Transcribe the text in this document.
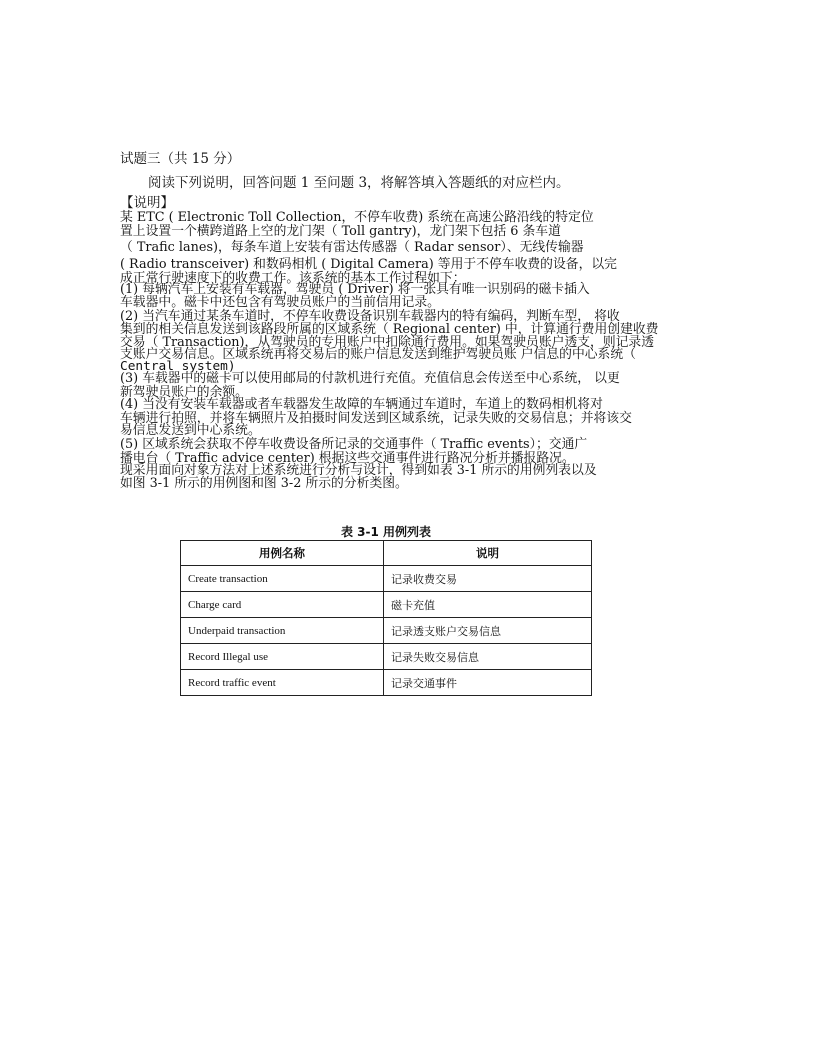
试题三（共 15 分）
阅读下列说明，回答问题 1 至问题 3，将解答填入答题纸的对应栏内。
【说明】
某 ETC ( Electronic Toll Collection，不停车收费) 系统在高速公路沿线的特定位
置上设置一个横跨道路上空的龙门架（ Toll gantry)，龙门架下包括 6 条车道
（ Trafic lanes)，每条车道上安装有雷达传感器（ Radar sensor）、无线传输器
( Radio transceiver) 和数码相机 ( Digital Camera) 等用于不停车收费的设备，以完
成正常行驶速度下的收费工作。该系统的基本工作过程如下：
(1) 每辆汽车上安装有车载器，驾驶员 ( Driver) 将一张具有唯一识别码的磁卡插入
车载器中。磁卡中还包含有驾驶员账户的当前信用记录。
(2) 当汽车通过某条车道时，不停车收费设备识别车载器内的特有编码，判断车型， 将收
集到的相关信息发送到该路段所属的区域系统（ Regional center) 中，计算通行费用创建收费
交易（ Transaction)，从驾驶员的专用账户中扣除通行费用。如果驾驶员账户透支，则记录透
支账户交易信息。区域系统再将交易后的账户信息发送到维护驾驶员账 户信息的中心系统（
Central system)
(3) 车载器中的磁卡可以使用邮局的付款机进行充值。充值信息会传送至中心系统， 以更
新驾驶员账户的余额。
(4) 当没有安装车载器或者车载器发生故障的车辆通过车道时，车道上的数码相机将对
车辆进行拍照，并将车辆照片及拍摄时间发送到区域系统，记录失败的交易信息；并将该交
易信息发送到中心系统。
(5) 区域系统会获取不停车收费设备所记录的交通事件（ Traffic events）；交通广
播电台（ Traffic advice center) 根据这些交通事件进行路况分析并播报路况。
现采用面向对象方法对上述系统进行分析与设计，得到如表 3-1 所示的用例列表以及
如图 3-1 所示的用例图和图 3-2 所示的分析类图。
表 3-1 用例列表
用例名称	说明
Create transaction	记录收费交易
Charge card	磁卡充值
Underpaid transaction	记录透支账户交易信息
Record Illegal use	记录失败交易信息
Record traffic event	记录交通事件
